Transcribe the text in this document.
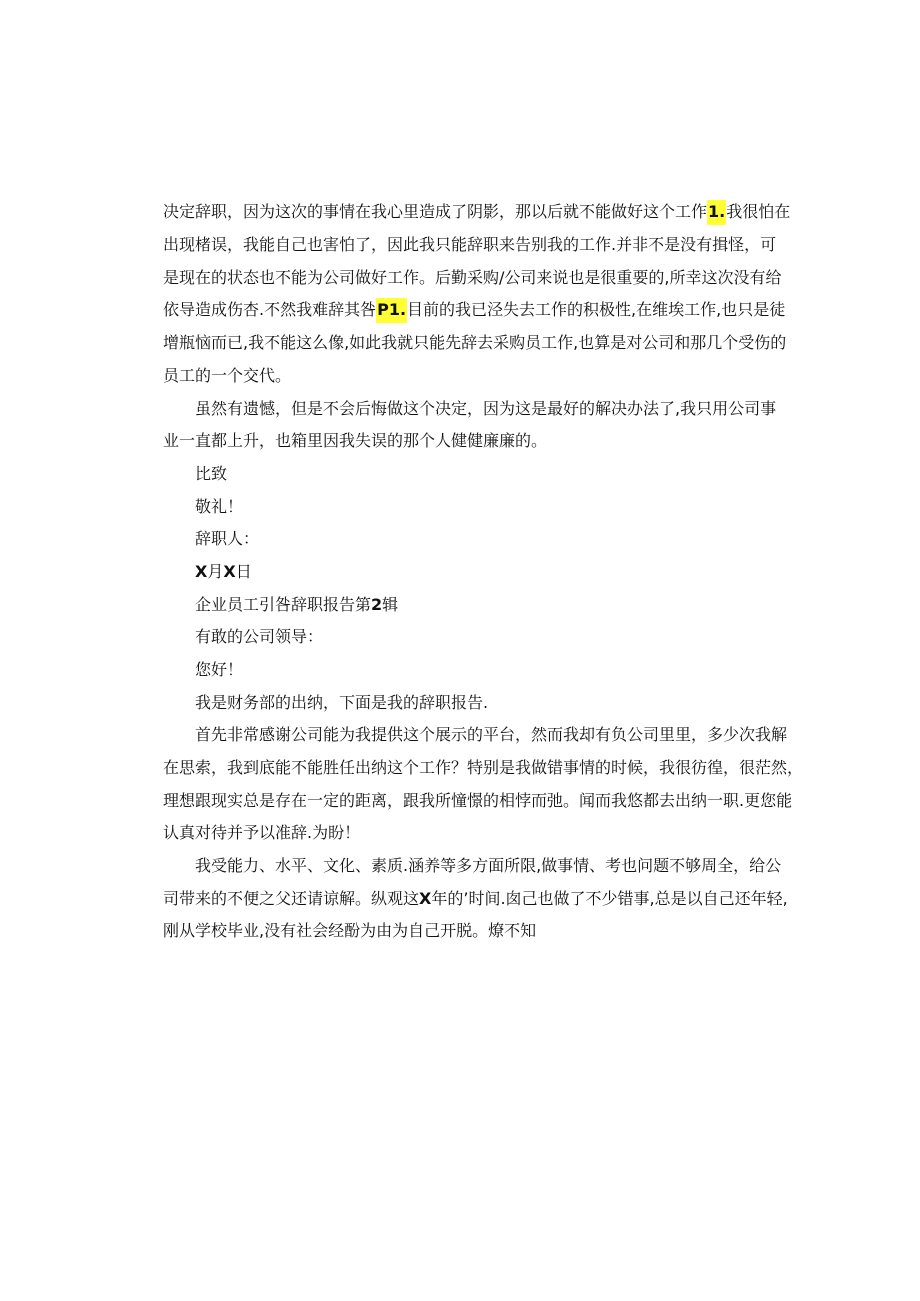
决定辞职，因为这次的事情在我心里造成了阴影，那以后就不能做好这个工作1.我很怕在
出现楮误，我能自己也害怕了，因此我只能辞职来告别我的工作.并非不是没有揖怪，可
是现在的状态也不能为公司做好工作。后勤采购/公司来说也是很重要的,所幸这次没有给
依导造成伤杏.不然我难辞其咎P1.目前的我已泾失去工作的积极性,在维埃工作,也只是徒
增瓶恼而已,我不能这么像,如此我就只能先辞去采购员工作,也算是对公司和那几个受伤的
员工的一个交代。
虽然有遗憾，但是不会后悔做这个决定，因为这是最好的解决办法了,我只用公司事
业一直都上升，也箱里因我失误的那个人健健廉廉的。
比致
敬礼！
辞职人：
X月X日
企业员工引咎辞职报告第2辑
有敢的公司领导：
您好！
我是财务部的出纳，下面是我的辞职报告.
首先非常感谢公司能为我提供这个展示的平台，然而我却有负公司里里，多少次我解
在思索，我到底能不能胜任出纳这个工作？特别是我做错事情的时候，我很彷徨，很茫然，
理想跟现实总是存在一定的距离，跟我所憧憬的相悖而弛。闻而我悠都去出纳一职.更您能
认真对待并予以准辞.为盼！
我受能力、水平、文化、素质.涵养等多方面所限,做事情、考也问题不够周全，给公
司带来的不便之父还请谅解。纵观这X年的’时间.囱己也做了不少错事,总是以自己还年轻,
刚从学校毕业,没有社会经酚为由为自己开脱。燎不知
